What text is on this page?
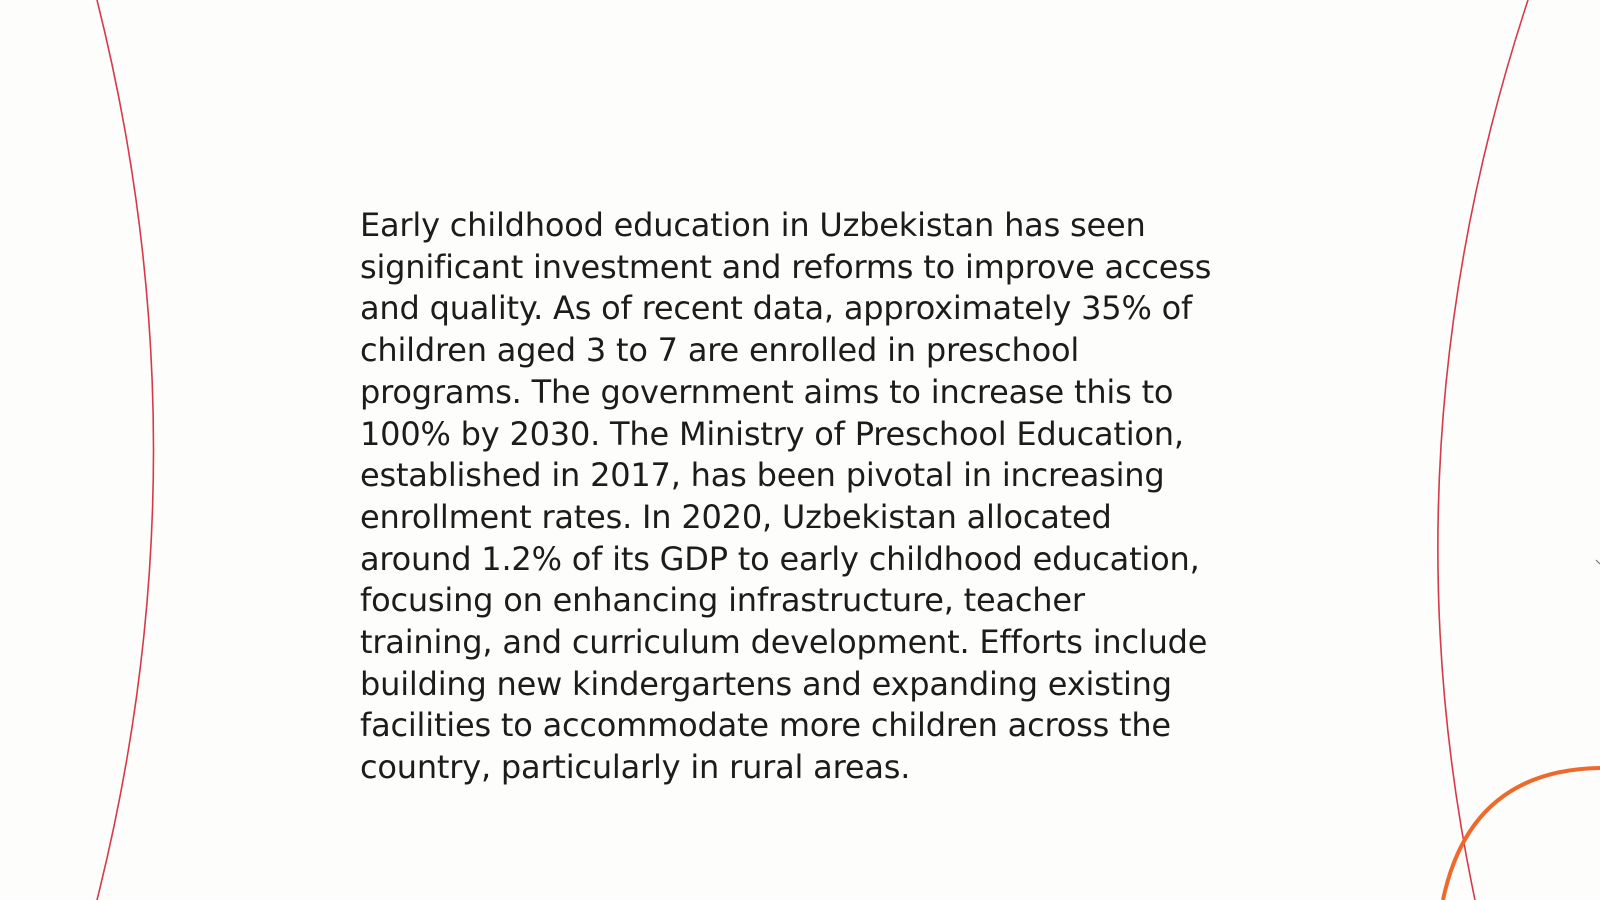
Early childhood education in Uzbekistan has seen
significant investment and reforms to improve access
and quality. As of recent data, approximately 35% of
children aged 3 to 7 are enrolled in preschool
programs. The government aims to increase this to
100% by 2030. The Ministry of Preschool Education,
established in 2017, has been pivotal in increasing
enrollment rates. In 2020, Uzbekistan allocated
around 1.2% of its GDP to early childhood education,
focusing on enhancing infrastructure, teacher
training, and curriculum development. Efforts include
building new kindergartens and expanding existing
facilities to accommodate more children across the
country, particularly in rural areas.
